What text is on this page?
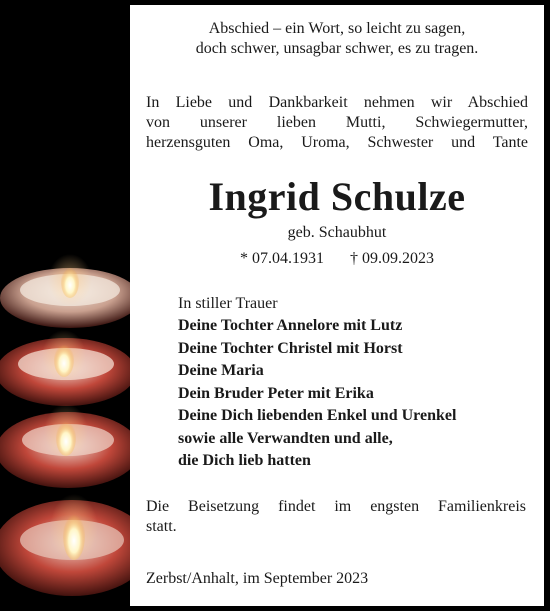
Abschied – ein Wort, so leicht zu sagen,
doch schwer, unsagbar schwer, es zu tragen.
In Liebe und Dankbarkeit nehmen wir Abschied
von unserer lieben Mutti, Schwiegermutter,
herzensguten Oma, Uroma, Schwester und Tante
Ingrid Schulze
geb. Schaubhut
* 07.04.1931 † 09.09.2023
In stiller Trauer
Deine Tochter Annelore mit Lutz
Deine Tochter Christel mit Horst
Deine Maria
Dein Bruder Peter mit Erika
Deine Dich liebenden Enkel und Urenkel
sowie alle Verwandten und alle,
die Dich lieb hatten
Die Beisetzung findet im engsten Familienkreis
statt.
Zerbst/Anhalt, im September 2023
